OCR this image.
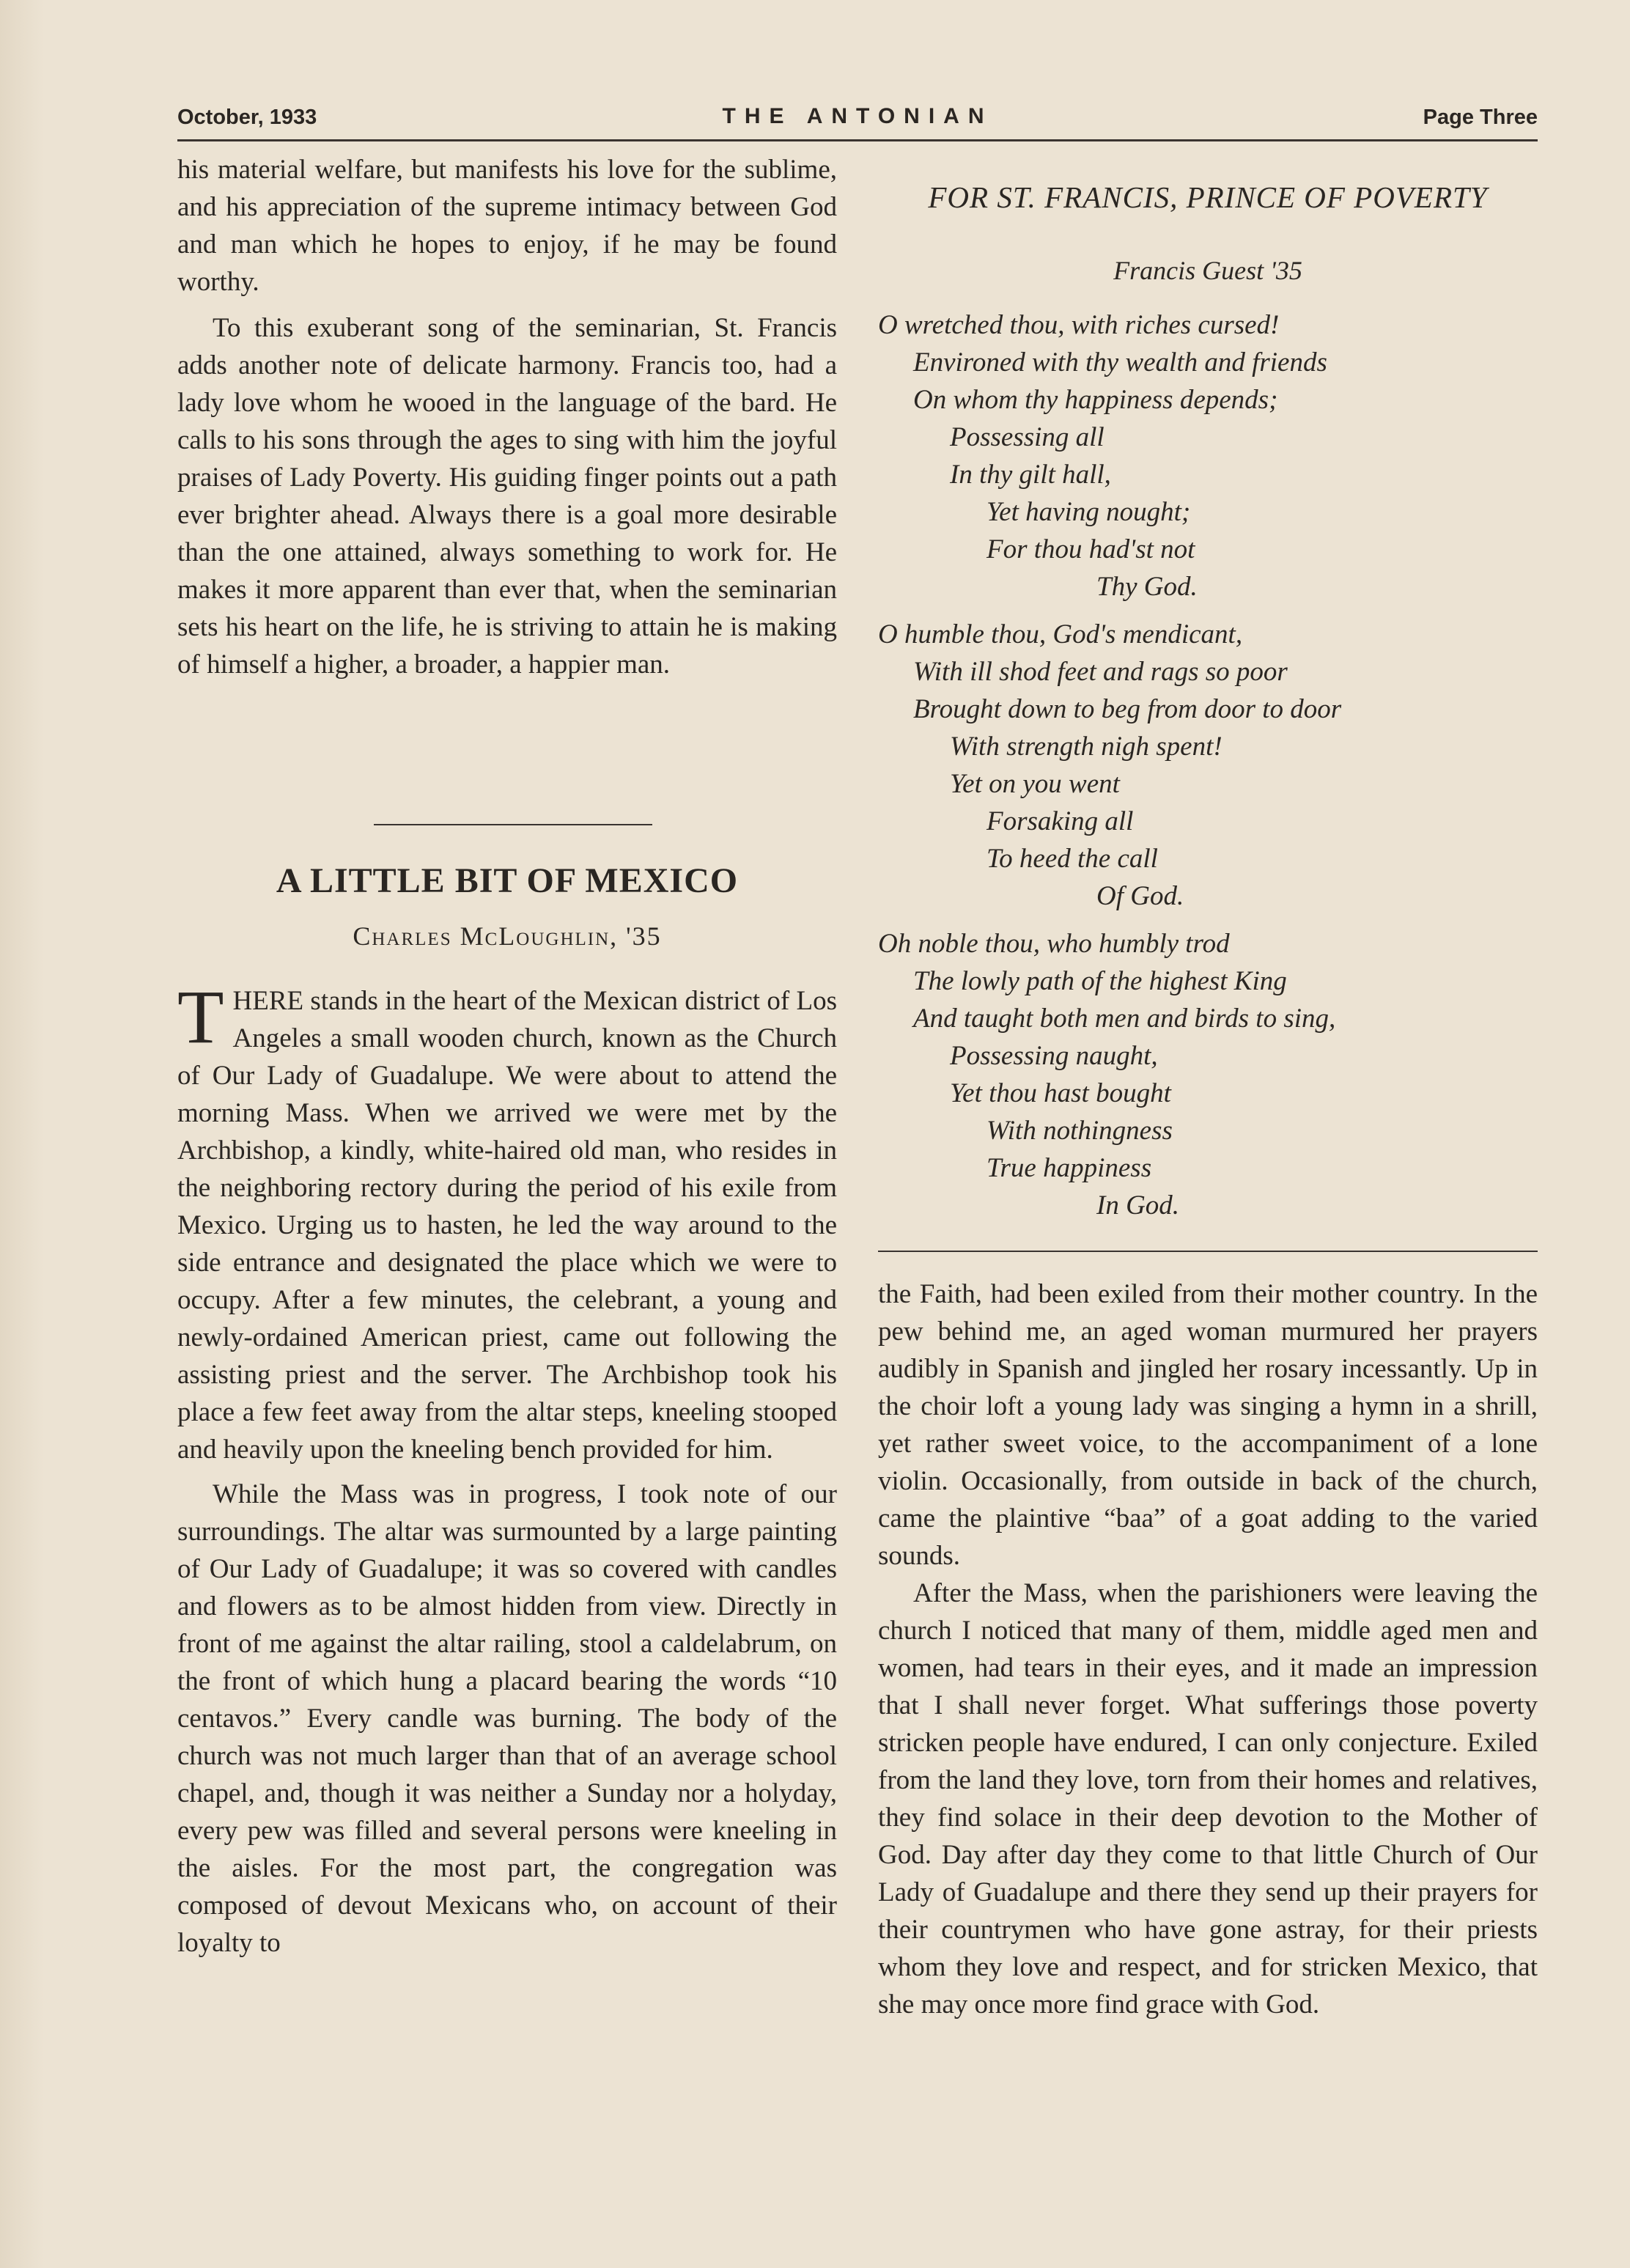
October, 1933	THE ANTONIAN	Page Three

his material welfare, but manifests his love for the sublime, and his appreciation of the supreme intimacy between God and man which he hopes to enjoy, if he may be found worthy.

To this exuberant song of the seminarian, St. Francis adds another note of delicate harmony. Francis too, had a lady love whom he wooed in the language of the bard. He calls to his sons through the ages to sing with him the joyful praises of Lady Poverty. His guiding finger points out a path ever brighter ahead. Always there is a goal more desirable than the one attained, always something to work for. He makes it more apparent than ever that, when the seminarian sets his heart on the life, he is striving to attain he is making of himself a higher, a broader, a happier man.

A LITTLE BIT OF MEXICO
Charles McLoughlin, '35

THERE stands in the heart of the Mexican district of Los Angeles a small wooden church, known as the Church of Our Lady of Guadalupe. We were about to attend the morning Mass. When we arrived we were met by the Archbishop, a kindly, white-haired old man, who resides in the neighboring rectory during the period of his exile from Mexico. Urging us to hasten, he led the way around to the side entrance and designated the place which we were to occupy. After a few minutes, the celebrant, a young and newly-ordained American priest, came out following the assisting priest and the server. The Archbishop took his place a few feet away from the altar steps, kneeling stooped and heavily upon the kneeling bench provided for him.

While the Mass was in progress, I took note of our surroundings. The altar was surmounted by a large painting of Our Lady of Guadalupe; it was so covered with candles and flowers as to be almost hidden from view. Directly in front of me against the altar railing, stool a caldelabrum, on the front of which hung a placard bearing the words “10 centavos.” Every candle was burning. The body of the church was not much larger than that of an average school chapel, and, though it was neither a Sunday nor a holyday, every pew was filled and several persons were kneeling in the aisles. For the most part, the congregation was composed of devout Mexicans who, on account of their loyalty to

FOR ST. FRANCIS, PRINCE OF POVERTY
Francis Guest '35
O wretched thou, with riches cursed!
Environed with thy wealth and friends
On whom thy happiness depends;
Possessing all
In thy gilt hall,
Yet having nought;
For thou had'st not
Thy God.
O humble thou, God's mendicant,
With ill shod feet and rags so poor
Brought down to beg from door to door
With strength nigh spent!
Yet on you went
Forsaking all
To heed the call
Of God.
Oh noble thou, who humbly trod
The lowly path of the highest King
And taught both men and birds to sing,
Possessing naught,
Yet thou hast bought
With nothingness
True happiness
In God.

the Faith, had been exiled from their mother country. In the pew behind me, an aged woman murmured her prayers audibly in Spanish and jingled her rosary incessantly. Up in the choir loft a young lady was singing a hymn in a shrill, yet rather sweet voice, to the accompaniment of a lone violin. Occasionally, from outside in back of the church, came the plaintive “baa” of a goat adding to the varied sounds.

After the Mass, when the parishioners were leaving the church I noticed that many of them, middle aged men and women, had tears in their eyes, and it made an impression that I shall never forget. What sufferings those poverty stricken people have endured, I can only conjecture. Exiled from the land they love, torn from their homes and relatives, they find solace in their deep devotion to the Mother of God. Day after day they come to that little Church of Our Lady of Guadalupe and there they send up their prayers for their countrymen who have gone astray, for their priests whom they love and respect, and for stricken Mexico, that she may once more find grace with God.
